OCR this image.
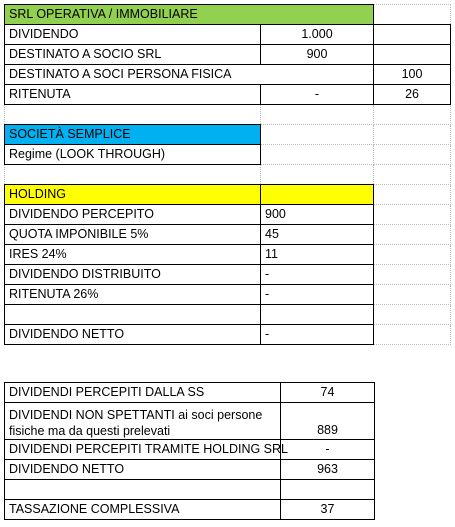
SRL OPERATIVA / IMMOBILIARE		
DIVIDENDO	1.000	
DESTINATO A SOCIO SRL	900	
DESTINATO A SOCI PERSONA FISICA		100
RITENUTA	-	26

SOCIETÀ SEMPLICE		
Regime (LOOK THROUGH)		

HOLDING		
DIVIDENDO PERCEPITO	900	
QUOTA IMPONIBILE 5%	45	
IRES 24%	11	
DIVIDENDO DISTRIBUITO	-	
RITENUTA 26%	-	

DIVIDENDO NETTO	-	
DIVIDENDI PERCEPITI DALLA SS	74
DIVIDENDI NON SPETTANTI ai soci persone fisiche ma da questi prelevati	889
DIVIDENDI PERCEPITI TRAMITE HOLDING SRL	-
DIVIDENDO NETTO	963

TASSAZIONE COMPLESSIVA	37
